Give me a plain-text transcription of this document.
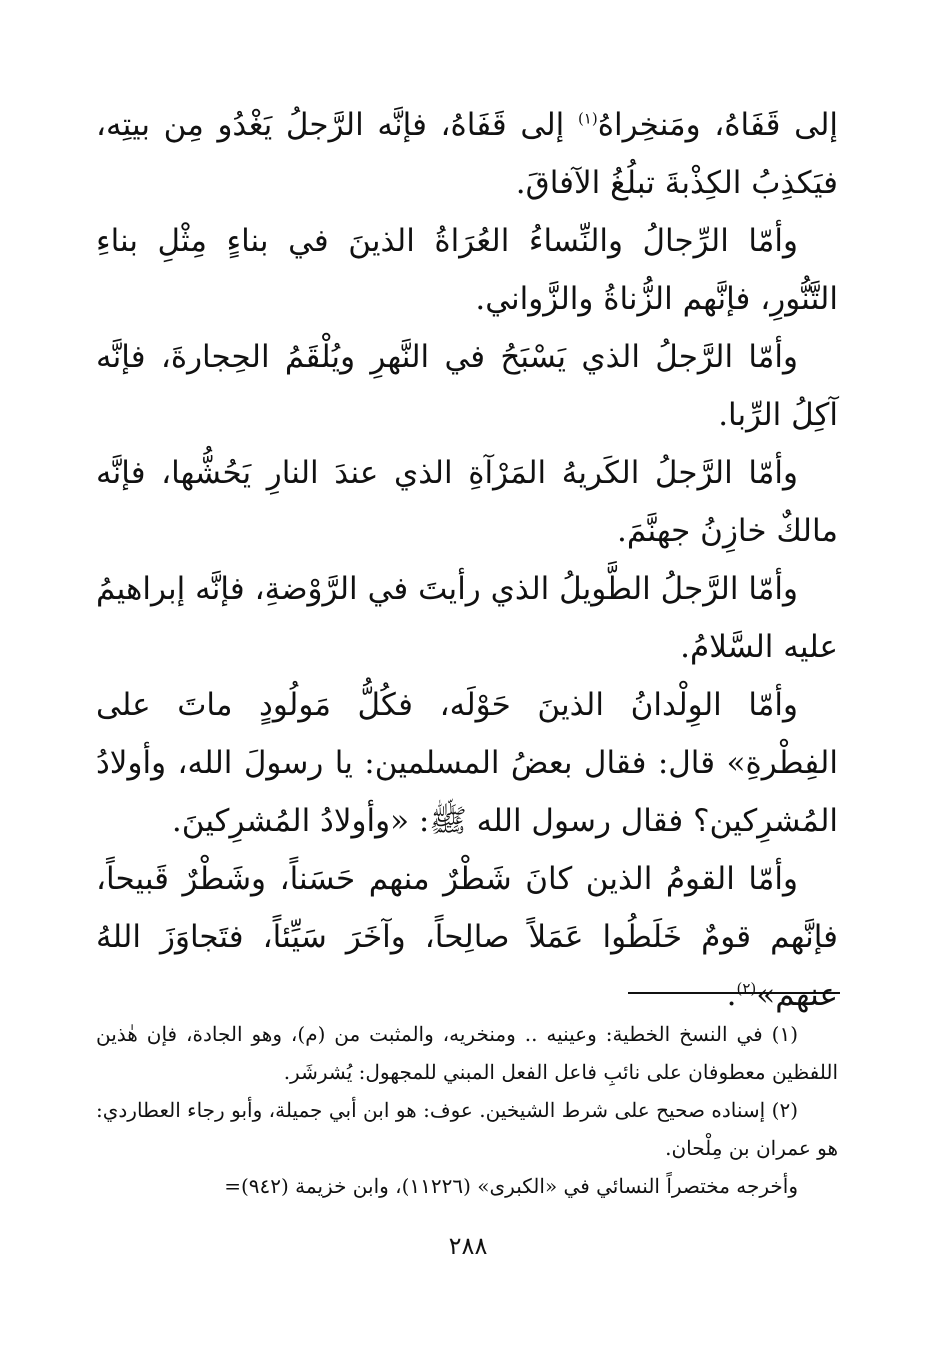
إلى قَفَاهُ، ومَنخِراهُ$^{(١)}$ إلى قَفَاهُ، فإنَّه الرَّجلُ يَغْدُو مِن بيتِه، فيَكذِبُ الكِذْبةَ تبلُغُ الآفاقَ.

وأمّا الرِّجالُ والنِّساءُ العُرَاةُ الذينَ في بناءٍ مِثْلِ بناءِ التَّنُّورِ، فإنَّهم الزُّناةُ والزَّواني.

وأمّا الرَّجلُ الذي يَسْبَحُ في النَّهرِ ويُلْقَمُ الحِجارةَ، فإنَّه آكِلُ الرِّبا.

وأمّا الرَّجلُ الكَريهُ المَرْآةِ الذي عندَ النارِ يَحُشُّها، فإنَّه مالكٌ خازِنُ جهنَّمَ.

وأمّا الرَّجلُ الطَّويلُ الذي رأيتَ في الرَّوْضةِ، فإنَّه إبراهيمُ عليه السَّلامُ.

وأمّا الوِلْدانُ الذينَ حَوْلَه، فكُلُّ مَولُودٍ ماتَ على الفِطْرةِ» قال: فقال بعضُ المسلمين: يا رسولَ الله، وأولادُ المُشرِكين؟ فقال رسول الله ﷺ: «وأولادُ المُشرِكينَ.

وأمّا القومُ الذين كانَ شَطْرٌ منهم حَسَناً، وشَطْرٌ قَبيحاً، فإنَّهم قومٌ خَلَطُوا عَمَلاً صالِحاً، وآخَرَ سَيِّئاً، فتَجاوَزَ اللهُ عنهم»$^{(٢)}$.

(١) في النسخ الخطية: وعينيه .. ومنخريه، والمثبت من (م)، وهو الجادة، فإن هٰذين اللفظين معطوفان على نائبِ فاعل الفعل المبني للمجهول: يُشرشَر.

(٢) إسناده صحيح على شرط الشيخين. عوف: هو ابن أبي جميلة، وأبو رجاء العطاردي: هو عمران بن مِلْحان.

وأخرجه مختصراً النسائي في «الكبرى» (١١٢٢٦)، وابن خزيمة (٩٤٢)=

٢٨٨
